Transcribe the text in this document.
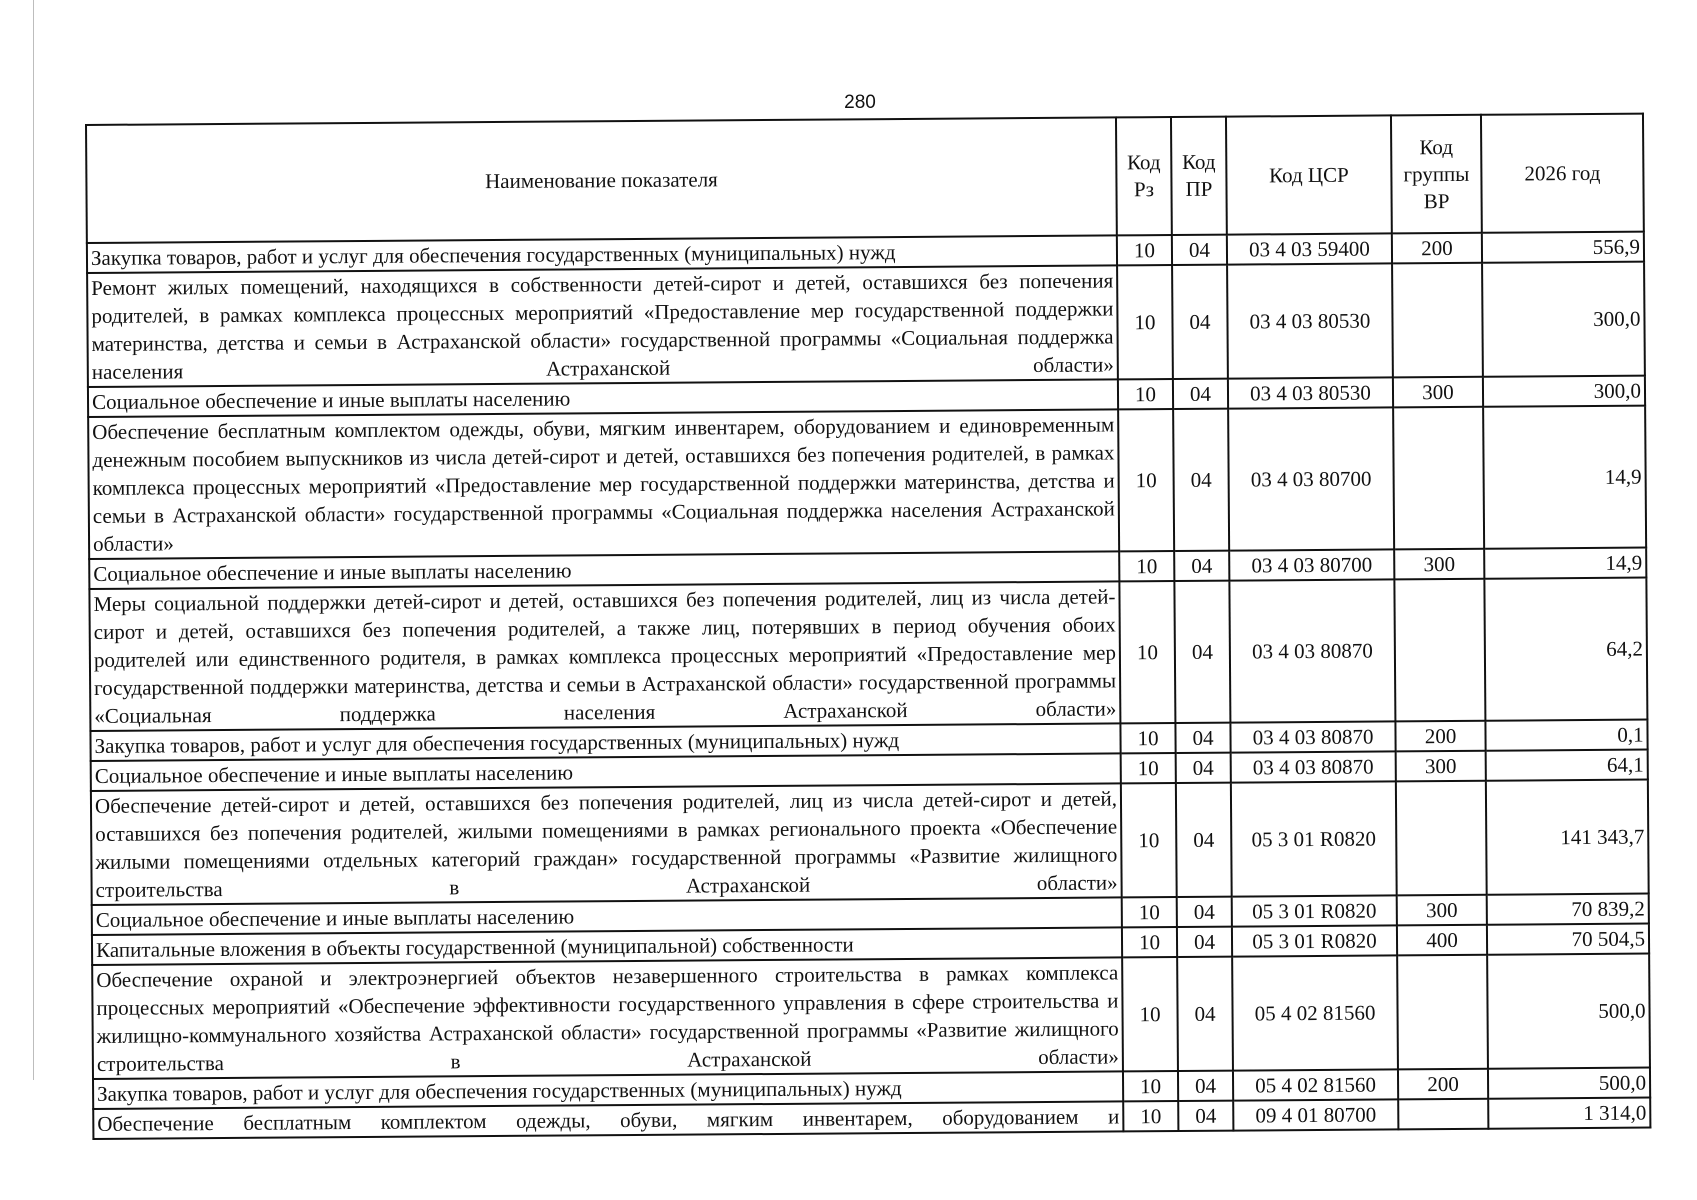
280
Наименование показателя	Код Рз	Код ПР	Код ЦСР	Код группы ВР	2026 год
Закупка товаров, работ и услуг для обеспечения государственных (муниципальных) нужд	10	04	03 4 03 59400	200	556,9
Ремонт жилых помещений, находящихся в собственности детей-сирот и детей, оставшихся без попечения родителей, в рамках комплекса процессных мероприятий «Предоставление мер государственной поддержки материнства, детства и семьи в Астраханской области» государственной программы «Социальная поддержка населения Астраханской области»	10	04	03 4 03 80530		300,0
Социальное обеспечение и иные выплаты населению	10	04	03 4 03 80530	300	300,0
Обеспечение бесплатным комплектом одежды, обуви, мягким инвентарем, оборудованием и единовременным денежным пособием выпускников из числа детей-сирот и детей, оставшихся без попечения родителей, в рамках комплекса процессных мероприятий «Предоставление мер государственной поддержки материнства, детства и семьи в Астраханской области» государственной программы «Социальная поддержка населения Астраханской области»	10	04	03 4 03 80700		14,9
Социальное обеспечение и иные выплаты населению	10	04	03 4 03 80700	300	14,9
Меры социальной поддержки детей-сирот и детей, оставшихся без попечения родителей, лиц из числа детей-сирот и детей, оставшихся без попечения родителей, а также лиц, потерявших в период обучения обоих родителей или единственного родителя, в рамках комплекса процессных мероприятий «Предоставление мер государственной поддержки материнства, детства и семьи в Астраханской области» государственной программы «Социальная поддержка населения Астраханской области»	10	04	03 4 03 80870		64,2
Закупка товаров, работ и услуг для обеспечения государственных (муниципальных) нужд	10	04	03 4 03 80870	200	0,1
Социальное обеспечение и иные выплаты населению	10	04	03 4 03 80870	300	64,1
Обеспечение детей-сирот и детей, оставшихся без попечения родителей, лиц из числа детей-сирот и детей, оставшихся без попечения родителей, жилыми помещениями в рамках регионального проекта «Обеспечение жилыми помещениями отдельных категорий граждан» государственной программы «Развитие жилищного строительства в Астраханской области»	10	04	05 3 01 R0820		141 343,7
Социальное обеспечение и иные выплаты населению	10	04	05 3 01 R0820	300	70 839,2
Капитальные вложения в объекты государственной (муниципальной) собственности	10	04	05 3 01 R0820	400	70 504,5
Обеспечение охраной и электроэнергией объектов незавершенного строительства в рамках комплекса процессных мероприятий «Обеспечение эффективности государственного управления в сфере строительства и жилищно-коммунального хозяйства Астраханской области» государственной программы «Развитие жилищного строительства в Астраханской области»	10	04	05 4 02 81560		500,0
Закупка товаров, работ и услуг для обеспечения государственных (муниципальных) нужд	10	04	05 4 02 81560	200	500,0
Обеспечение бесплатным комплектом одежды, обуви, мягким инвентарем, оборудованием и	10	04	09 4 01 80700		1 314,0
